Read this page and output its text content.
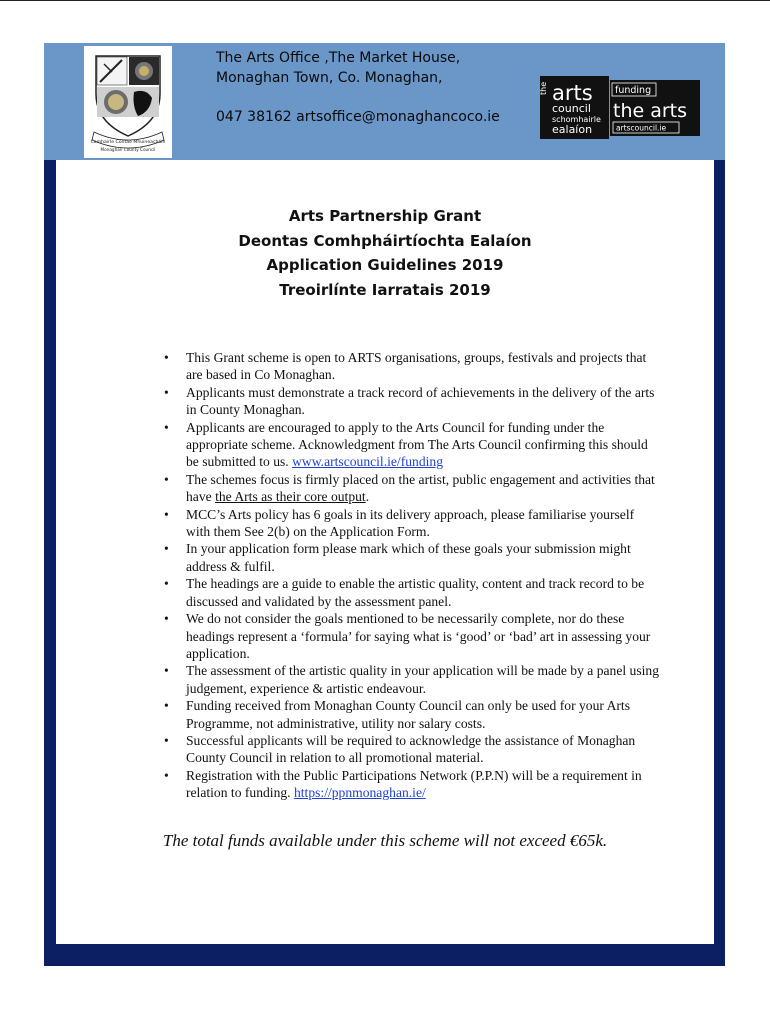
Comhairle Contae Mhuineacháin
Monaghan County Council
The Arts Office ,The Market House,
Monaghan Town, Co. Monaghan,
047 38162 artsoffice@monaghancoco.ie
the arts
council
schomhairle
ealaíon
funding
the arts
artscouncil.ie
Arts Partnership Grant
Deontas Comhpháirtíochta Ealaíon
Application Guidelines 2019
Treoirlínte Iarratais 2019
• This Grant scheme is open to ARTS organisations, groups, festivals and projects that are based in Co Monaghan.
• Applicants must demonstrate a track record of achievements in the delivery of the arts in County Monaghan.
• Applicants are encouraged to apply to the Arts Council for funding under the appropriate scheme. Acknowledgment from The Arts Council confirming this should be submitted to us. www.artscouncil.ie/funding
• The schemes focus is firmly placed on the artist, public engagement and activities that have the Arts as their core output.
• MCC’s Arts policy has 6 goals in its delivery approach, please familiarise yourself with them See 2(b) on the Application Form.
• In your application form please mark which of these goals your submission might address & fulfil.
• The headings are a guide to enable the artistic quality, content and track record to be discussed and validated by the assessment panel.
• We do not consider the goals mentioned to be necessarily complete, nor do these headings represent a ‘formula’ for saying what is ‘good’ or ‘bad’ art in assessing your application.
• The assessment of the artistic quality in your application will be made by a panel using judgement, experience & artistic endeavour.
• Funding received from Monaghan County Council can only be used for your Arts Programme, not administrative, utility nor salary costs.
• Successful applicants will be required to acknowledge the assistance of Monaghan County Council in relation to all promotional material.
• Registration with the Public Participations Network (P.P.N) will be a requirement in relation to funding. https://ppnmonaghan.ie/
The total funds available under this scheme will not exceed €65k.
